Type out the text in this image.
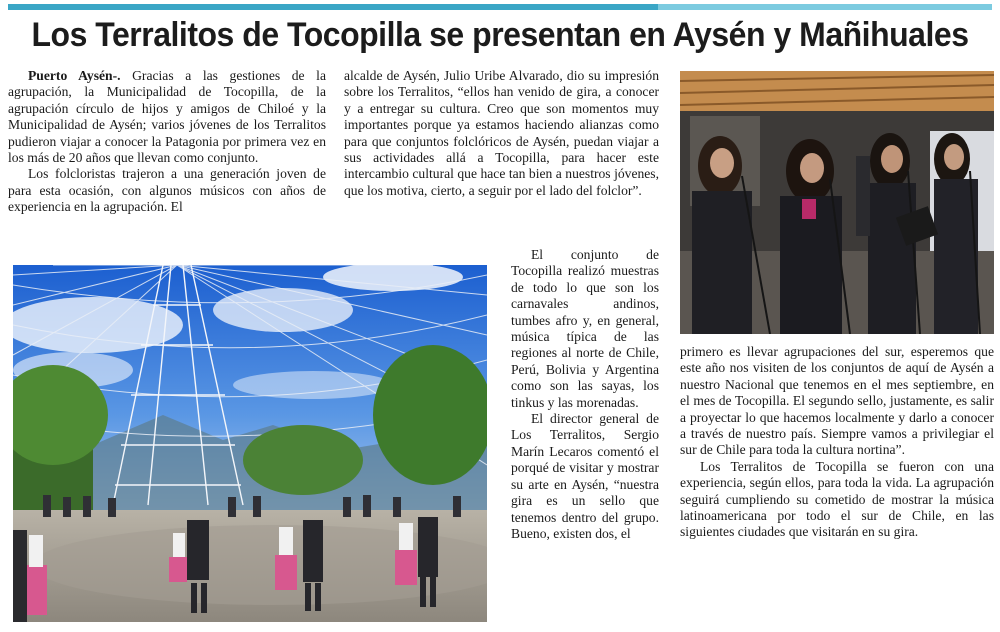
Los Terralitos de Tocopilla se presentan en Aysén y Mañihuales

Puerto Aysén-. Gracias a las gestiones de la agrupación, la Municipalidad de Tocopilla, de la agrupación círculo de hijos y amigos de Chiloé y la Municipalidad de Aysén; varios jóvenes de los Terralitos pudieron viajar a conocer la Patagonia por primera vez en los más de 20 años que llevan como conjunto.

Los folcloristas trajeron a una generación joven de para esta ocasión, con algunos músicos con años de experiencia en la agrupación. El

alcalde de Aysén, Julio Uribe Alvarado, dio su impresión sobre los Terralitos, “ellos han venido de gira, a conocer y a entregar su cultura. Creo que son momentos muy importantes porque ya estamos haciendo alianzas como para que conjuntos folclóricos de Aysén, puedan viajar a sus actividades allá a Tocopilla, para hacer este intercambio cultural que hace tan bien a nuestros jóvenes, que los motiva, cierto, a seguir por el lado del folclor”.

El conjunto de Tocopilla realizó muestras de todo lo que son los carnavales andinos, tumbes afro y, en general, música típica de las regiones al norte de Chile, Perú, Bolivia y Argentina como son las sayas, los tinkus y las morenadas.

El director general de Los Terralitos, Sergio Marín Lecaros comentó el porqué de visitar y mostrar su arte en Aysén, “nuestra gira es un sello que tenemos dentro del grupo. Bueno, existen dos, el

primero es llevar agrupaciones del sur, esperemos que este año nos visiten de los conjuntos de aquí de Aysén a nuestro Nacional que tenemos en el mes septiembre, en el mes de Tocopilla. El segundo sello, justamente, es salir a proyectar lo que hacemos localmente y darlo a conocer a través de nuestro país. Siempre vamos a privilegiar el sur de Chile para toda la cultura nortina”.

Los Terralitos de Tocopilla se fueron con una experiencia, según ellos, para toda la vida. La agrupación seguirá cumpliendo su cometido de mostrar la música latinoamericana por todo el sur de Chile, en las siguientes ciudades que visitarán en su gira.
